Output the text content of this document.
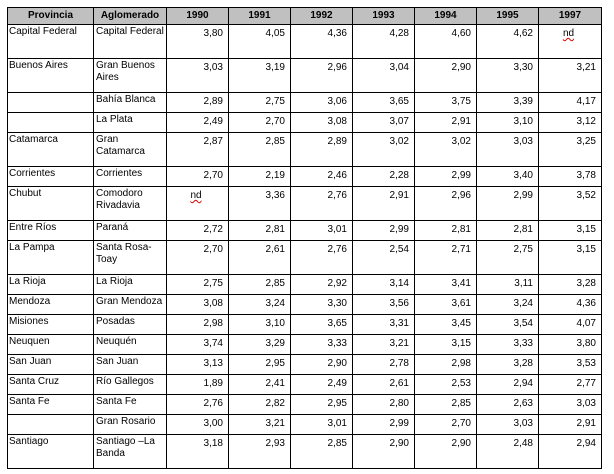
Provincia	Aglomerado	1990	1991	1992	1993	1994	1995	1997
Capital Federal	Capital Federal	3,80	4,05	4,36	4,28	4,60	4,62	nd
Buenos Aires	Gran Buenos Aires	3,03	3,19	2,96	3,04	2,90	3,30	3,21
	Bahía Blanca	2,89	2,75	3,06	3,65	3,75	3,39	4,17
	La Plata	2,49	2,70	3,08	3,07	2,91	3,10	3,12
Catamarca	Gran Catamarca	2,87	2,85	2,89	3,02	3,02	3,03	3,25
Corrientes	Corrientes	2,70	2,19	2,46	2,28	2,99	3,40	3,78
Chubut	Comodoro Rivadavia	nd	3,36	2,76	2,91	2,96	2,99	3,52
Entre Ríos	Paraná	2,72	2,81	3,01	2,99	2,81	2,81	3,15
La Pampa	Santa Rosa-Toay	2,70	2,61	2,76	2,54	2,71	2,75	3,15
La Rioja	La Rioja	2,75	2,85	2,92	3,14	3,41	3,11	3,28
Mendoza	Gran Mendoza	3,08	3,24	3,30	3,56	3,61	3,24	4,36
Misiones	Posadas	2,98	3,10	3,65	3,31	3,45	3,54	4,07
Neuquen	Neuquén	3,74	3,29	3,33	3,21	3,15	3,33	3,80
San Juan	San Juan	3,13	2,95	2,90	2,78	2,98	3,28	3,53
Santa Cruz	Río Gallegos	1,89	2,41	2,49	2,61	2,53	2,94	2,77
Santa Fe	Santa Fe	2,76	2,82	2,95	2,80	2,85	2,63	3,03
	Gran Rosario	3,00	3,21	3,01	2,99	2,70	3,03	2,91
Santiago	Santiago –La Banda	3,18	2,93	2,85	2,90	2,90	2,48	2,94
